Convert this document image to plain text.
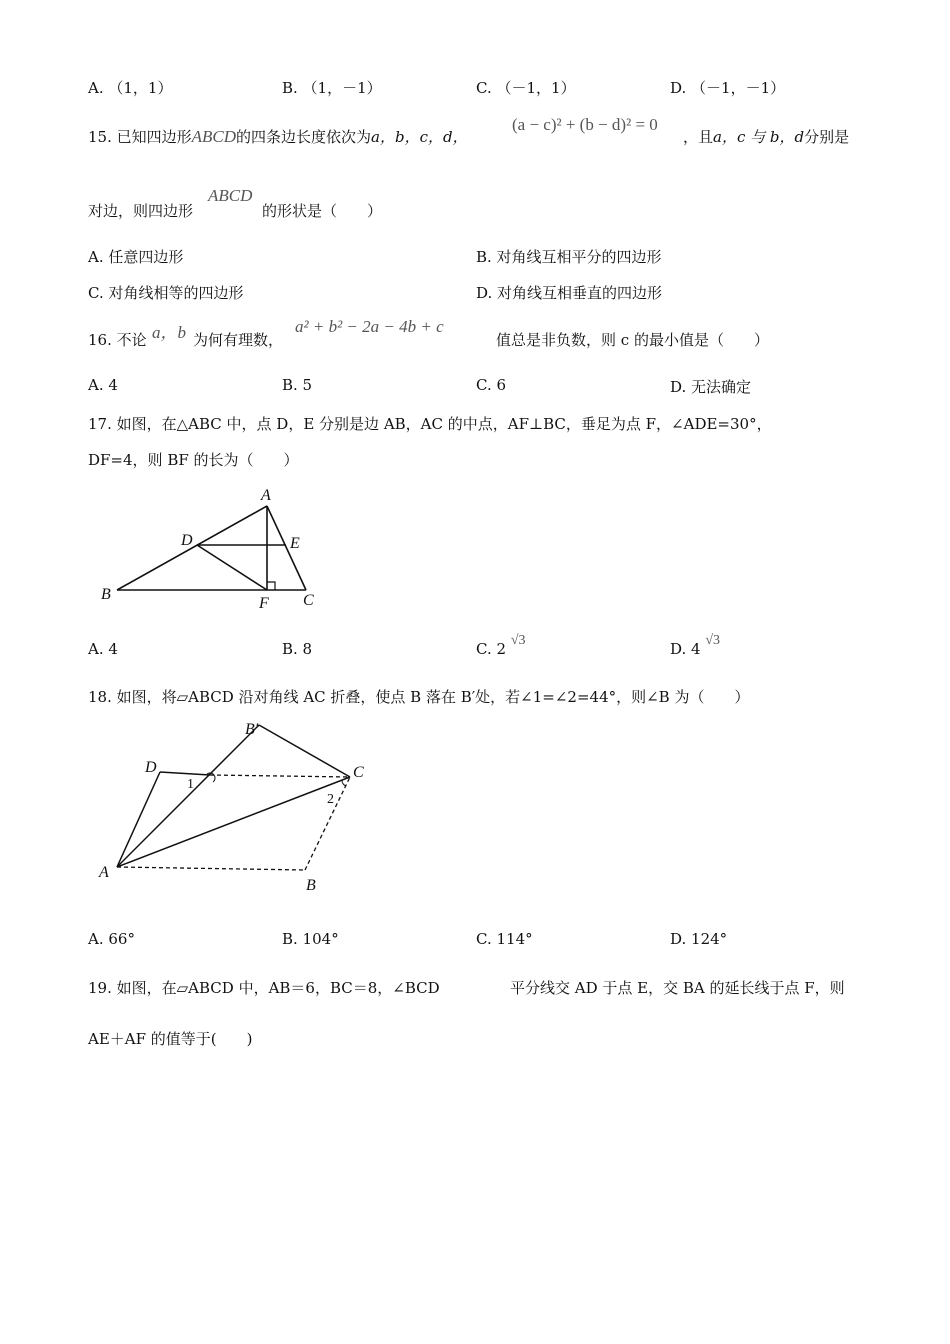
A. （1，1）	B. （1，－1）	C. （－1，1）	D. （－1，－1）
15. 已知四边形ABCD的四条边长度依次为a，b，c，d，
(a − c)² + (b − d)² = 0
，且a，c 与 b，d分别是
对边，则四边形
ABCD
的形状是（　　）
A. 任意四边形	B. 对角线互相平分的四边形
C. 对角线相等的四边形	D. 对角线互相垂直的四边形
16. 不论 a，b 为何有理数，
a² + b² − 2a − 4b + c
值总是非负数，则 c 的最小值是（　　）
A. 4	B. 5	C. 6	D. 无法确定
17. 如图，在△ABC 中，点 D，E 分别是边 AB，AC 的中点，AF⊥BC，垂足为点 F，∠ADE=30°，
DF=4，则 BF 的长为（　　）
A
B	C
D	E
F
A. 4	B. 8	C. 2 √3	D. 4 √3
18. 如图，将▱ABCD 沿对角线 AC 折叠，使点 B 落在 B′处，若∠1=∠2=44°，则∠B 为（　　）
A
B
C
D
B′
1
2
A. 66°	B. 104°	C. 114°	D. 124°
19. 如图，在▱ABCD 中，AB＝6，BC＝8，∠BCD	平分线交 AD 于点 E，交 BA 的延长线于点 F，则
AE＋AF 的值等于(　　)
